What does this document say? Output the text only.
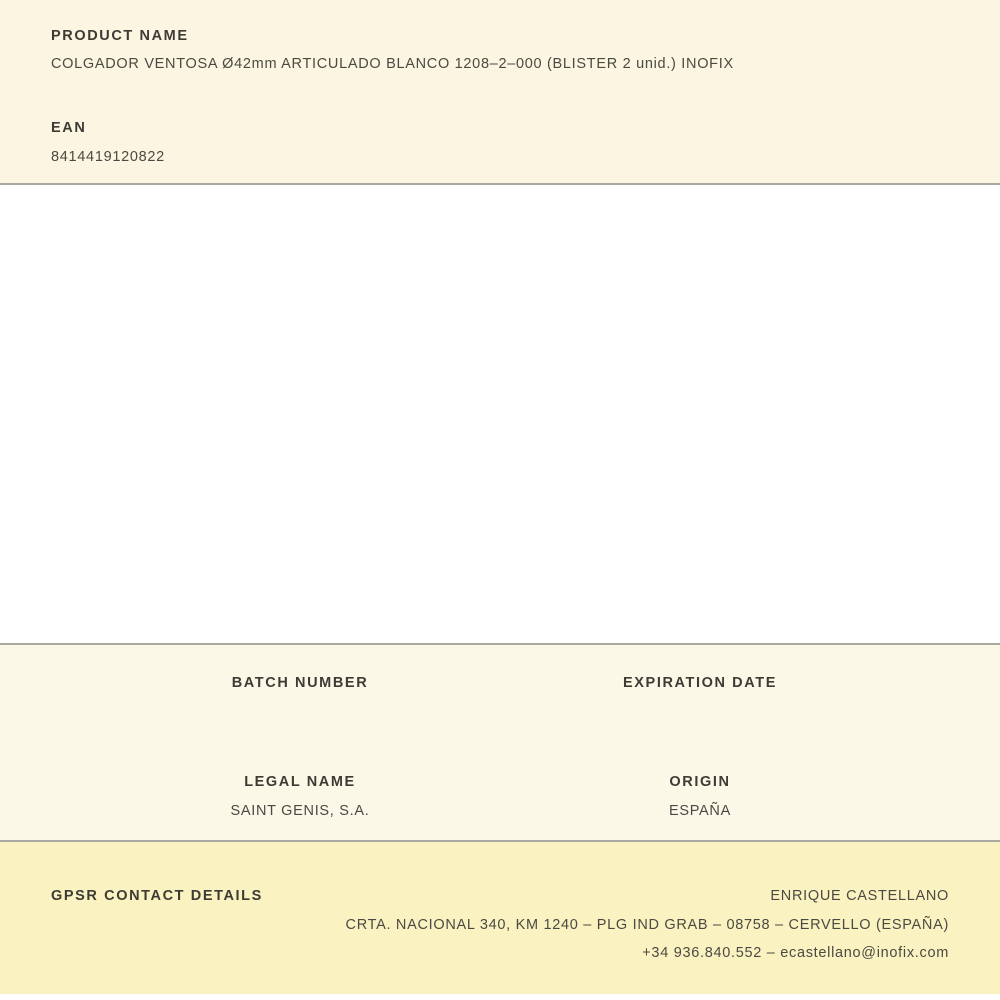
PRODUCT NAME

COLGADOR VENTOSA Ø42mm ARTICULADO BLANCO 1208–2–000 (BLISTER 2 unid.) INOFIX

EAN

8414419120822

BATCH NUMBER	EXPIRATION DATE

LEGAL NAME

SAINT GENIS, S.A.

ORIGIN

ESPAÑA

GPSR CONTACT DETAILS	ENRIQUE CASTELLANO

CRTA. NACIONAL 340, KM 1240 – PLG IND GRAB – 08758 – CERVELLO (ESPAÑA)

+34 936.840.552 – ecastellano@inofix.com
